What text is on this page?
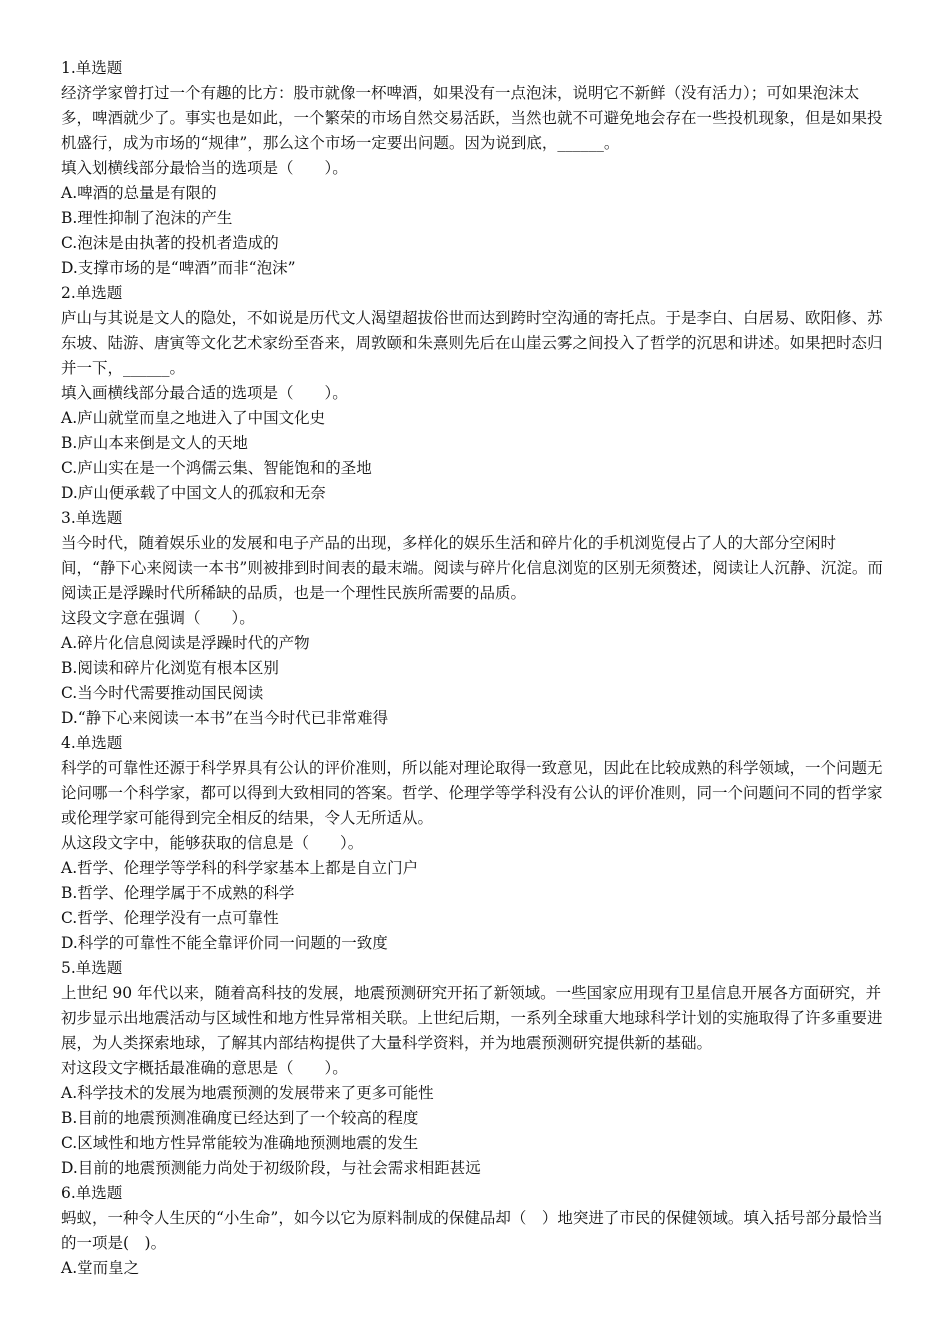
1.单选题
经济学家曾打过一个有趣的比方：股市就像一杯啤酒，如果没有一点泡沫，说明它不新鲜（没有活力）；可如果泡沫太多，啤酒就少了。事实也是如此，一个繁荣的市场自然交易活跃，当然也就不可避免地会存在一些投机现象，但是如果投机盛行，成为市场的“规律”，那么这个市场一定要出问题。因为说到底，______。
填入划横线部分最恰当的选项是（　　）。
A.啤酒的总量是有限的
B.理性抑制了泡沫的产生
C.泡沫是由执著的投机者造成的
D.支撑市场的是“啤酒”而非“泡沫”
2.单选题
庐山与其说是文人的隐处，不如说是历代文人渴望超拔俗世而达到跨时空沟通的寄托点。于是李白、白居易、欧阳修、苏东坡、陆游、唐寅等文化艺术家纷至沓来，周敦颐和朱熹则先后在山崖云雾之间投入了哲学的沉思和讲述。如果把时态归并一下，______。
填入画横线部分最合适的选项是（　　）。
A.庐山就堂而皇之地进入了中国文化史
B.庐山本来倒是文人的天地
C.庐山实在是一个鸿儒云集、智能饱和的圣地
D.庐山便承载了中国文人的孤寂和无奈
3.单选题
当今时代，随着娱乐业的发展和电子产品的出现，多样化的娱乐生活和碎片化的手机浏览侵占了人的大部分空闲时间，“静下心来阅读一本书”则被排到时间表的最末端。阅读与碎片化信息浏览的区别无须赘述，阅读让人沉静、沉淀。而阅读正是浮躁时代所稀缺的品质，也是一个理性民族所需要的品质。
这段文字意在强调（　　）。
A.碎片化信息阅读是浮躁时代的产物
B.阅读和碎片化浏览有根本区别
C.当今时代需要推动国民阅读
D.“静下心来阅读一本书”在当今时代已非常难得
4.单选题
科学的可靠性还源于科学界具有公认的评价准则，所以能对理论取得一致意见，因此在比较成熟的科学领域，一个问题无论问哪一个科学家，都可以得到大致相同的答案。哲学、伦理学等学科没有公认的评价准则，同一个问题问不同的哲学家或伦理学家可能得到完全相反的结果，令人无所适从。
从这段文字中，能够获取的信息是（　　）。
A.哲学、伦理学等学科的科学家基本上都是自立门户
B.哲学、伦理学属于不成熟的科学
C.哲学、伦理学没有一点可靠性
D.科学的可靠性不能全靠评价同一问题的一致度
5.单选题
上世纪 90 年代以来，随着高科技的发展，地震预测研究开拓了新领域。一些国家应用现有卫星信息开展各方面研究，并初步显示出地震活动与区域性和地方性异常相关联。上世纪后期，一系列全球重大地球科学计划的实施取得了许多重要进展，为人类探索地球，了解其内部结构提供了大量科学资料，并为地震预测研究提供新的基础。
对这段文字概括最准确的意思是（　　）。
A.科学技术的发展为地震预测的发展带来了更多可能性
B.目前的地震预测准确度已经达到了一个较高的程度
C.区域性和地方性异常能较为准确地预测地震的发生
D.目前的地震预测能力尚处于初级阶段，与社会需求相距甚远
6.单选题
蚂蚁，一种令人生厌的“小生命”，如今以它为原料制成的保健品却（　）地突进了市民的保健领域。填入括号部分最恰当的一项是(　)。
A.堂而皇之
